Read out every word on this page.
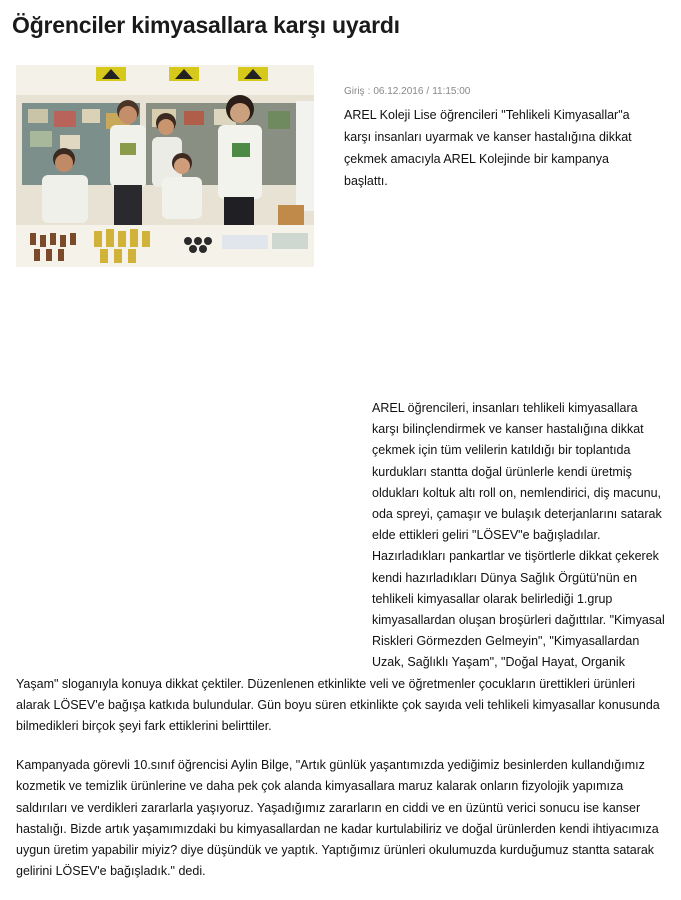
Öğrenciler kimyasallara karşı uyardı
Giriş : 06.12.2016 / 11:15:00

AREL Koleji Lise öğrencileri "Tehlikeli Kimyasallar"a karşı insanları uyarmak ve kanser hastalığına dikkat çekmek amacıyla AREL Kolejinde bir kampanya başlattı.

AREL öğrencileri, insanları tehlikeli kimyasallara karşı bilinçlendirmek ve kanser hastalığına dikkat çekmek için tüm velilerin katıldığı bir toplantıda kurdukları stantta doğal ürünlerle kendi üretmiş oldukları koltuk altı roll on, nemlendirici, diş macunu, oda spreyi, çamaşır ve bulaşık deterjanlarını satarak elde ettikleri geliri "LÖSEV"e bağışladılar. Hazırladıkları pankartlar ve tişörtlerle dikkat çekerek kendi hazırladıkları Dünya Sağlık Örgütü'nün en tehlikeli kimyasallar olarak belirlediği 1.grup kimyasallardan oluşan broşürleri dağıttılar. "Kimyasal Riskleri Görmezden Gelmeyin", "Kimyasallardan Uzak, Sağlıklı Yaşam", "Doğal Hayat, Organik Yaşam" sloganıyla konuya dikkat çektiler. Düzenlenen etkinlikte veli ve öğretmenler çocukların ürettikleri ürünleri alarak LÖSEV'e bağışa katkıda bulundular. Gün boyu süren etkinlikte çok sayıda veli tehlikeli kimyasallar konusunda bilmedikleri birçok şeyi fark ettiklerini belirttiler.

Kampanyada görevli 10.sınıf öğrencisi Aylin Bilge, "Artık günlük yaşantımızda yediğimiz besinlerden kullandığımız kozmetik ve temizlik ürünlerine ve daha pek çok alanda kimyasallara maruz kalarak onların fizyolojik yapımıza saldırıları ve verdikleri zararlarla yaşıyoruz. Yaşadığımız zararların en ciddi ve en üzüntü verici sonucu ise kanser hastalığı. Bizde artık yaşamımızdaki bu kimyasallardan ne kadar kurtulabiliriz ve doğal ürünlerden kendi ihtiyacımıza uygun üretim yapabilir miyiz? diye düşündük ve yaptık. Yaptığımız ürünleri okulumuzda kurduğumuz stantta satarak gelirini LÖSEV'e bağışladık." dedi.
